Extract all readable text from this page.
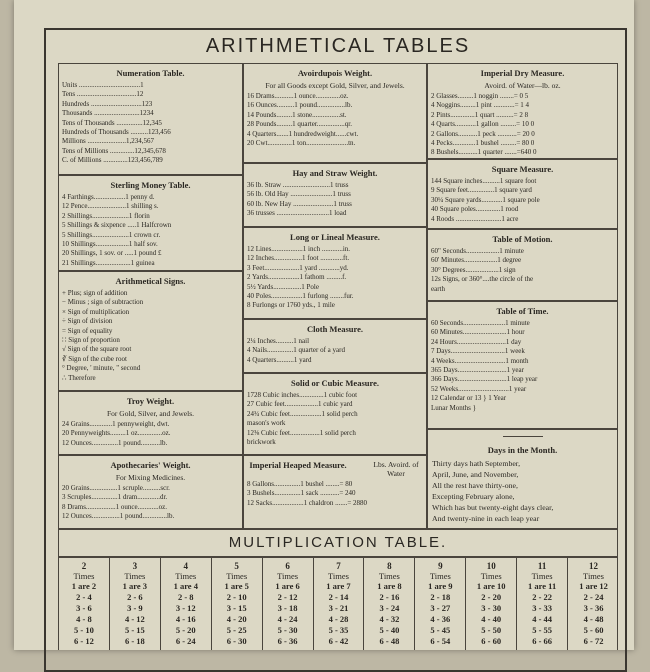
ARITHMETICAL TABLES
Numeration Table.
Units ...................................1
Tens ..................................12
Hundreds .............................123
Thousands ..........................1234
Tens of Thousands ...............12,345
Hundreds of Thousands ..........123,456
Millions ......................1,234,567
Tens of Millions ..............12,345,678
C. of Millions ..............123,456,789
Sterling Money Table.
4 Farthings..................1 penny d.
12 Pence......................1 shilling s.
2 Shillings.....................1 florin
5 Shillings & sixpence .....1 Halfcrown
5 Shillings.....................1 crown cr.
10 Shillings...................1 half sov.
20 Shillings, 1 sov. or .....1 pound £
21 Shillings....................1 guinea
Arithmetical Signs.
+ Plus; sign of addition
− Minus ; sign of subtraction
× Sign of multiplication
÷ Sign of division
= Sign of equality
∷ Sign of proportion
√ Sign of the square root
∛ Sign of the cube root
° Degree, ' minute, " second
∴ Therefore
Troy Weight.
For Gold, Silver, and Jewels.
24 Grains.............1 pennyweight, dwt.
20 Pennyweights.........1 oz..............oz.
12 Ounces...............1 pound...........lb.
Apothecaries' Weight.
For Mixing Medicines.
20 Grains................1 scruple..........scr.
3 Scruples...............1 dram.............dr.
8 Drams.................1 ounce............oz.
12 Ounces................1 pound..............lb.
Avoirdupois Weight.
For all Goods except Gold, Silver, and Jewels.
16 Drams...........1 ounce..............oz.
16 Ounces..........1 pound................lb.
14 Pounds.........1 stone................st.
28 Pounds.........1 quarter................qr.
4 Quarters.......1 hundredweight......cwt.
20 Cwt..............1 ton........................tn.
Hay and Straw Weight.
36 lb. Straw ...........................1 truss
56 lb. Old Hay ........................1 truss
60 lb. New Hay .......................1 truss
36 trusses ..............................1 load
Long or Lineal Measure.
12 Lines..................1 inch ............in.
12 Inches................1 foot .............ft.
3 Feet....................1 yard ............yd.
2 Yards..................1 fathom .........f.
5½ Yards................1 Pole
40 Poles..................1 furlong ........fur.
8 Furlongs or 1760 yds., 1 mile
Cloth Measure.
2¼ Inches..........1 nail
4 Nails...............1 quarter of a yard
4 Quarters..........1 yard
Solid or Cubic Measure.
1728 Cubic inches..............1 cubic foot
27 Cubic feet...................1 cubic yard
24¾ Cubic feet..................1 solid perch
mason's work
12⅜ Cubic feet.................1 solid perch
brickwork
Imperial Heaped Measure.	Lbs. Avoird. of Water
8 Gallons...............1 bushel ........= 80
3 Bushels...............1 sack ...........= 240
12 Sacks..................1 chaldron .......= 2880
Imperial Dry Measure.
Avoird. of Water—lb. oz.
2 Glasses.........1 noggin ........= 0 5
4 Noggins.........1 pint ............= 1 4
2 Pints..............1 quart ..........= 2 8
4 Quarts............1 gallon .........= 10 0
2 Gallons...........1 peck ...........= 20 0
4 Pecks.............1 bushel .........= 80 0
8 Bushels...........1 quarter .......=640 0
Square Measure.
144 Square inches..........1 square foot
9 Square feet...............1 square yard
30¼ Square yards............1 square pole
40 Square poles..............1 rood
4 Roods ..........................1 acre
Table of Motion.
60" Seconds...................1 minute
60' Minutes...................1 degree
30° Degrees...................1 sign
12s Signs, or 360°....the circle of the
earth
Table of Time.
60 Seconds........................1 minute
60 Minutes.........................1 hour
24 Hours............................1 day
7 Days...............................1 week
4 Weeks.............................1 month
365 Days............................1 year
366 Days............................1 leap year
52 Weeks.............................1 year
12 Calendar or 13 } 1 Year
Lunar Months }
Days in the Month.
Thirty days hath September,
April, June, and November,
All the rest have thirty-one,
Excepting February alone,
Which has but twenty-eight days clear,
And twenty-nine in each leap year
MULTIPLICATION TABLE.
2
Times
1 are 2
2 - 4
3 - 6
4 - 8
5 - 10
6 - 12
3
Times
1 are 3
2 - 6
3 - 9
4 - 12
5 - 15
6 - 18
4
Times
1 are 4
2 - 8
3 - 12
4 - 16
5 - 20
6 - 24
5
Times
1 are 5
2 - 10
3 - 15
4 - 20
5 - 25
6 - 30
6
Times
1 are 6
2 - 12
3 - 18
4 - 24
5 - 30
6 - 36
7
Times
1 are 7
2 - 14
3 - 21
4 - 28
5 - 35
6 - 42
8
Times
1 are 8
2 - 16
3 - 24
4 - 32
5 - 40
6 - 48
9
Times
1 are 9
2 - 18
3 - 27
4 - 36
5 - 45
6 - 54
10
Times
1 are 10
2 - 20
3 - 30
4 - 40
5 - 50
6 - 60
11
Times
1 are 11
2 - 22
3 - 33
4 - 44
5 - 55
6 - 66
12
Times
1 are 12
2 - 24
3 - 36
4 - 48
5 - 60
6 - 72
